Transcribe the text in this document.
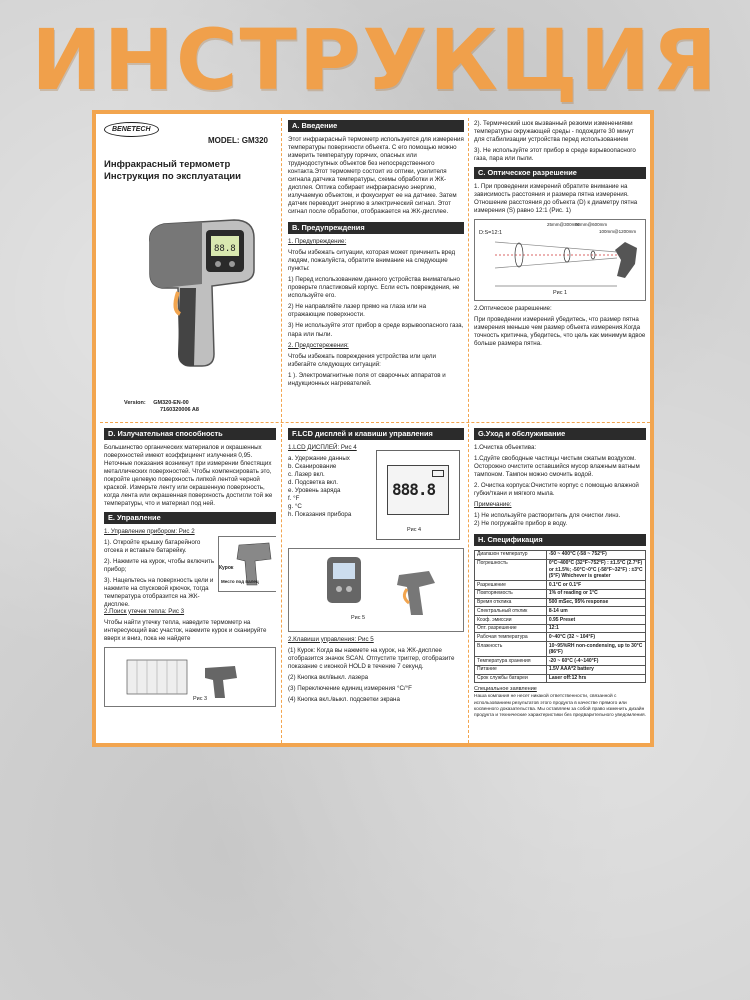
ИНСТРУКЦИЯ
BENETECH
MODEL: GM320
Инфракрасный термометр
Инструкция по эксплуатации
88.8
Version: GM320-EN-00
7160320006 A8
A. Введение

Этот инфракрасный термометр используется для измерения температуры поверхности объекта. С его помощью можно измерить температуру горячих, опасных или труднодоступных объектов без непосредственного контакта.Этот термометр состоит из оптики, усилителя сигнала датчика температуры, схемы обработки и ЖК-дисплея. Оптика собирает инфракрасную энергию, излучаемую объектом, и фокусирует ее на датчике. Затем датчик переводит энергию в электрический сигнал. Этот сигнал после обработки, отображается на ЖК-дисплее.

B. Предупреждения

1. Предупреждение:

Чтобы избежать ситуации, которая может причинить вред людям, пожалуйста, обратите внимание на следующие пункты:

1) Перед использованием данного устройства внимательно проверьте пластиковый корпус. Если есть повреждения, не используйте его.

2) Не направляйте лазер прямо на глаза или на отражающие поверхности.

3) Не используйте этот прибор в среде взрывоопасного газа, пара или пыли.

2. Предостережения:

Чтобы избежать повреждения устройства или цели избегайте следующих ситуаций:

1 ). Электромагнитные поля от сварочных аппаратов и индукционных нагревателей.

2). Термический шок вызванный резкими изменениями температуры окружающей среды - подождите 30 минут для стабилизации устройства перед использованием

3). Не используйте этот прибор в среде взрывоопасного газа, пара или пыли.

C. Оптическое разрешение

1. При проведении измерений обратите внимание на зависимость расстояния и размера пятна измерения. Отношение расстояния до объекта (D) к диаметру пятна измерения (S) равно 12:1 (Рис. 1)

D:S=12:1
25mm@300mm
50mm@600mm
100mm@1200mm
Рис 1

2.Оптическое разрешение:

При проведении измерений убедитесь, что размер пятна измерения меньше чем размер объекта измерения.Когда точность критична, убедитесь, что цель как минимум вдвое больше размера пятна.

D. Излучательная способность

Большинство органических материалов и окрашенных поверхностей имеют коэффициент излучения 0,95. Неточные показания возникнут при измерении блестящих металлических поверхностей. Чтобы компенсировать это, покройте целевую поверхность липкой лентой черной краской. Измерьте ленту или окрашенную поверхность, когда лента или окрашенная поверхность достигли той же температуры, что и материал под ней.

E. Управление

1. Управление прибором: Рис 2

1). Откройте крышку батарейного отсека и вставьте батарейку.

2). Нажмите на курок, чтобы включить прибор;

3). Нацельтесь на поверхность цели и нажмите на спусковой крючок, тогда температура отобразится на ЖК-дисплее.

Курок
Место под палец

2.Поиск утечек тепла: Рис 3

Чтобы найти утечку тепла, наведите термометр на интересующий вас участок, нажмите курок и сканируйте вверх и вниз, пока не найдете

Рис 3
F.LCD дисплей и клавиши управления

1.LCD ДИСПЛЕЙ: Рис 4

a. Удержание данных
b. Сканирование
c. Лазер вкл.
d. Подсветка вкл.
e. Уровень заряда
f. °F
g. °C
h. Показания прибора
888.8
Рис 4
Рис 5

2.Клавиши управления: Рис 5

(1) Курок: Когда вы нажмете на курок, на ЖК-дисплее отобразится значок SCAN. Отпустите триггер, отобразите показание с иконкой HOLD в течение 7 секунд.

(2) Кнопка вкл/выкл. лазера

(3) Переключение единиц измерения °C/°F

(4) Кнопка вкл./выкл. подсветки экрана

G.Уход и обслуживание

1.Очистка объектива:

1.Сдуйте свободные частицы чистым сжатым воздухом. Осторожно очистите оставшийся мусор влажным ватным тампоном. Тампон можно смочить водой.

2. Очистка корпуса:Очистите корпус с помощью влажной губки/ткани и мягкого мыла.

Примечание:

1) Не используйте растворитель для очистки линз.
2) Не погружайте прибор в воду.
H. Спецификация
Диапазон температур	-50 ~ 400°C (-58 ~ 752°F)
Погрешность	0°C~400°C (32°F~752°F) : ±1.5°C (2.7°F) or ±1.5%; -50°C~0°C (-58°F~32°F) : ±3°C (5°F) Whichever is greater
Разрешение	0.1°C or 0.1°F
Повторяемость	1% of reading or 1°C
Время отклика	500 mSec, 95% response
Спектральный отклик	8-14 um
Коэф. эмиссии	0.95 Preset
Опт. разрешение	12:1
Рабочая температура	0~40°C (32 ~ 104°F)
Влажность	10~95%RH non-condensing, up to 30°C (86°F)
Температура хранения	-20 ~ 60°C (-4~140°F)
Питание	1.5V AAA*2 battery
Срок службы батареи	Laser off:12 hrs

Специальное заявление

Наша компания не несет никакой ответственности, связанной с использованием результатов этого продукта в качестве прямого или косвенного доказательства. Мы оставляем за собой право изменить дизайн продукта и технические характеристики без предварительного уведомления.
